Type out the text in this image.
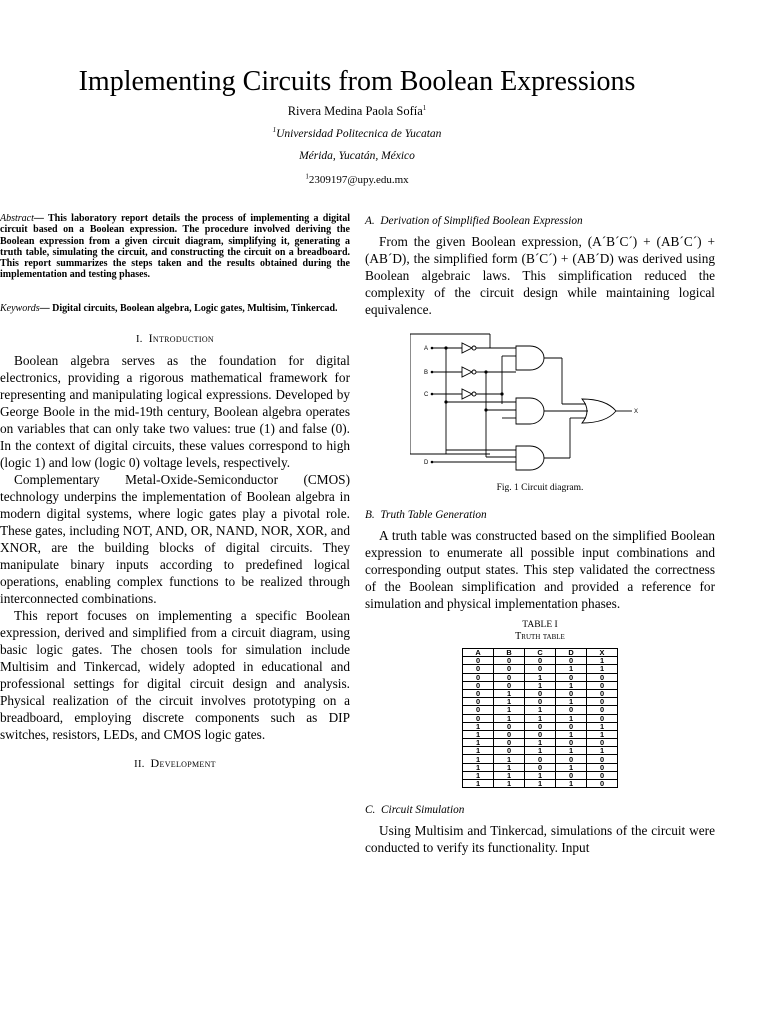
Implementing Circuits from Boolean Expressions
Rivera Medina Paola Sofía$^1$
$^1$Universidad Politecnica de Yucatan
Mérida, Yucatán, México
$^1$2309197@upy.edu.mx

Abstract— This laboratory report details the process of implementing a digital circuit based on a Boolean expression. The procedure involved deriving the Boolean expression from a given circuit diagram, simplifying it, generating a truth table, simulating the circuit, and constructing the circuit on a breadboard. This report summarizes the steps taken and the results obtained during the implementation and testing phases.

Keywords— Digital circuits, Boolean algebra, Logic gates, Multisim, Tinkercad.

I. Introduction

Boolean algebra serves as the foundation for digital electronics, providing a rigorous mathematical framework for representing and manipulating logical expressions. Developed by George Boole in the mid-19th century, Boolean algebra operates on variables that can only take two values: true (1) and false (0). In the context of digital circuits, these values correspond to high (logic 1) and low (logic 0) voltage levels, respectively.

Complementary Metal-Oxide-Semiconductor (CMOS) technology underpins the implementation of Boolean algebra in modern digital systems, where logic gates play a pivotal role. These gates, including NOT, AND, OR, NAND, NOR, XOR, and XNOR, are the building blocks of digital circuits. They manipulate binary inputs according to predefined logical operations, enabling complex functions to be realized through interconnected combinations.

This report focuses on implementing a specific Boolean expression, derived and simplified from a circuit diagram, using basic logic gates. The chosen tools for simulation include Multisim and Tinkercad, widely adopted in educational and professional settings for digital circuit design and analysis. Physical realization of the circuit involves prototyping on a breadboard, employing discrete components such as DIP switches, resistors, LEDs, and CMOS logic gates.

II. Development
A. Derivation of Simplified Boolean Expression

From the given Boolean expression, (A´B´C´) + (AB´C´) + (AB´D), the simplified form (B´C´) + (AB´D) was derived using Boolean algebraic laws. This simplification reduced the complexity of the circuit design while maintaining logical equivalence.

A
B
C
D
X
Fig. 1 Circuit diagram.
B. Truth Table Generation

A truth table was constructed based on the simplified Boolean expression to enumerate all possible input combinations and corresponding output states. This step validated the correctness of the Boolean simplification and provided a reference for simulation and physical implementation phases.

TABLE I
Truth table
A	B	C	D	X
0	0	0	0	1
0	0	0	1	1
0	0	1	0	0
0	0	1	1	0
0	1	0	0	0
0	1	0	1	0
0	1	1	0	0
0	1	1	1	0
1	0	0	0	1
1	0	0	1	1
1	0	1	0	0
1	0	1	1	1
1	1	0	0	0
1	1	0	1	0
1	1	1	0	0
1	1	1	1	0
C. Circuit Simulation

Using Multisim and Tinkercad, simulations of the circuit were conducted to verify its functionality. Input
